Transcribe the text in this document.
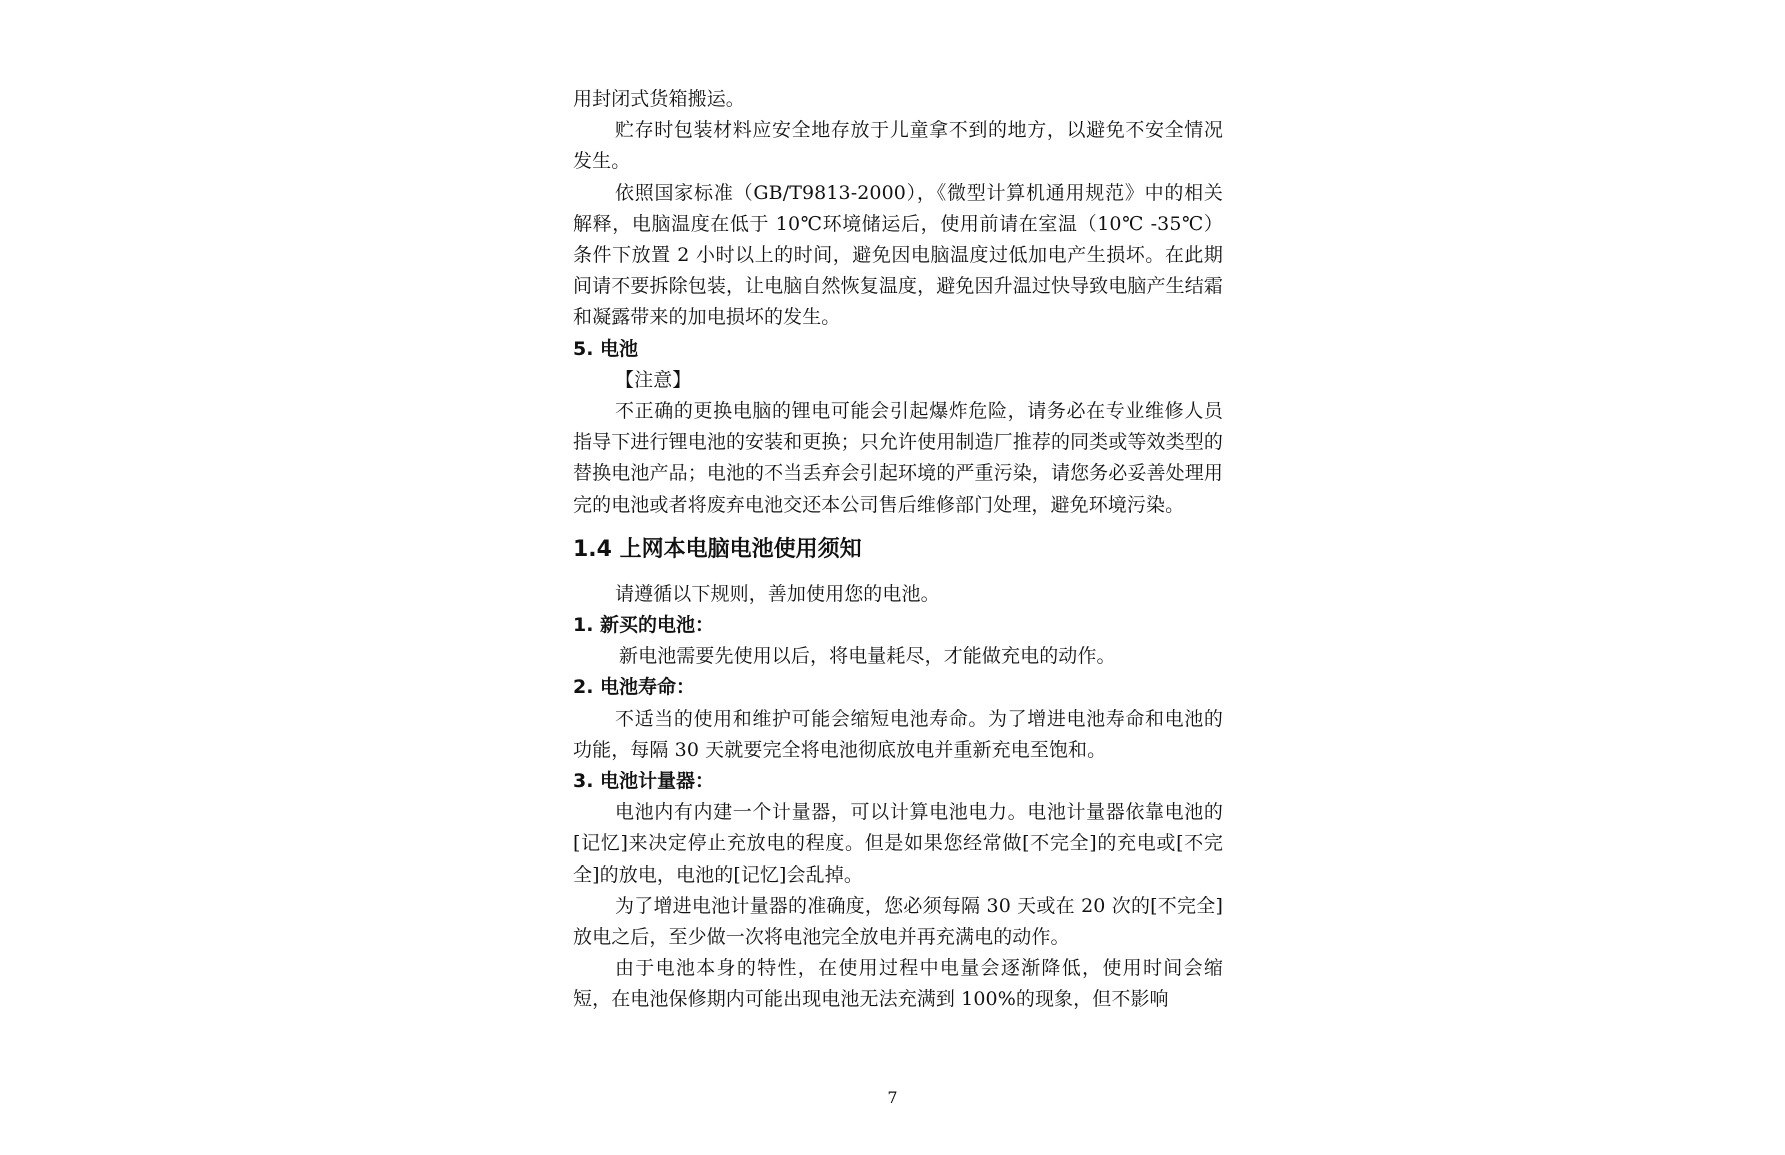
用封闭式货箱搬运。

贮存时包装材料应安全地存放于儿童拿不到的地方，以避免不安全情况发生。

依照国家标准（GB/T9813-2000），《微型计算机通用规范》中的相关解释，电脑温度在低于 10℃环境储运后，使用前请在室温（10℃ -35℃）条件下放置 2 小时以上的时间，避免因电脑温度过低加电产生损坏。在此期间请不要拆除包装，让电脑自然恢复温度，避免因升温过快导致电脑产生结霜和凝露带来的加电损坏的发生。

5. 电池

【注意】

不正确的更换电脑的锂电可能会引起爆炸危险，请务必在专业维修人员指导下进行锂电池的安装和更换；只允许使用制造厂推荐的同类或等效类型的替换电池产品；电池的不当丢弃会引起环境的严重污染，请您务必妥善处理用完的电池或者将废弃电池交还本公司售后维修部门处理，避免环境污染。

1.4 上网本电脑电池使用须知

请遵循以下规则，善加使用您的电池。

1. 新买的电池：

新电池需要先使用以后，将电量耗尽，才能做充电的动作。

2. 电池寿命：

不适当的使用和维护可能会缩短电池寿命。为了增进电池寿命和电池的功能，每隔 30 天就要完全将电池彻底放电并重新充电至饱和。

3. 电池计量器：

电池内有内建一个计量器，可以计算电池电力。电池计量器依靠电池的[记忆]来决定停止充放电的程度。但是如果您经常做[不完全]的充电或[不完全]的放电，电池的[记忆]会乱掉。

为了增进电池计量器的准确度，您必须每隔 30 天或在 20 次的[不完全]放电之后，至少做一次将电池完全放电并再充满电的动作。

由于电池本身的特性，在使用过程中电量会逐渐降低，使用时间会缩短，在电池保修期内可能出现电池无法充满到 100%的现象，但不影响

7
